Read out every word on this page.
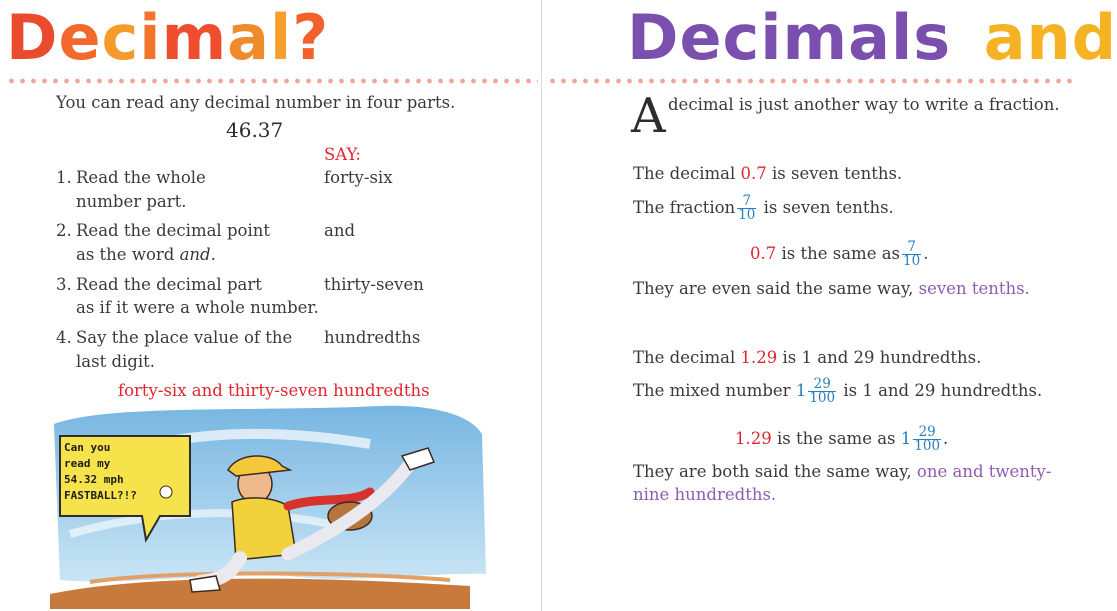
Decimal?
You can read any decimal number in four parts.
46.37
SAY:
1. Read the whole
number part.
forty-six
2. Read the decimal point
as the word and.
and
3. Read the decimal part
as if it were a whole number.
thirty-seven
4. Say the place value of the
last digit.
hundredths
forty-six and thirty-seven hundredths
Can you
read my
54.32 mph
FASTBALL?!?
Decimals and
A decimal is just another way to write a fraction.
The decimal 0.7 is seven tenths.
The fraction $\frac{7}{10}$ is seven tenths.
0.7 is the same as $\frac{7}{10}$ .
They are even said the same way, seven tenths.
The decimal 1.29 is 1 and 29 hundredths.
The mixed number $1 \frac{29}{100}$ is 1 and 29 hundredths.
1.29 is the same as $1 \frac{29}{100}$ .
They are both said the same way, one and twenty-
nine hundredths.
